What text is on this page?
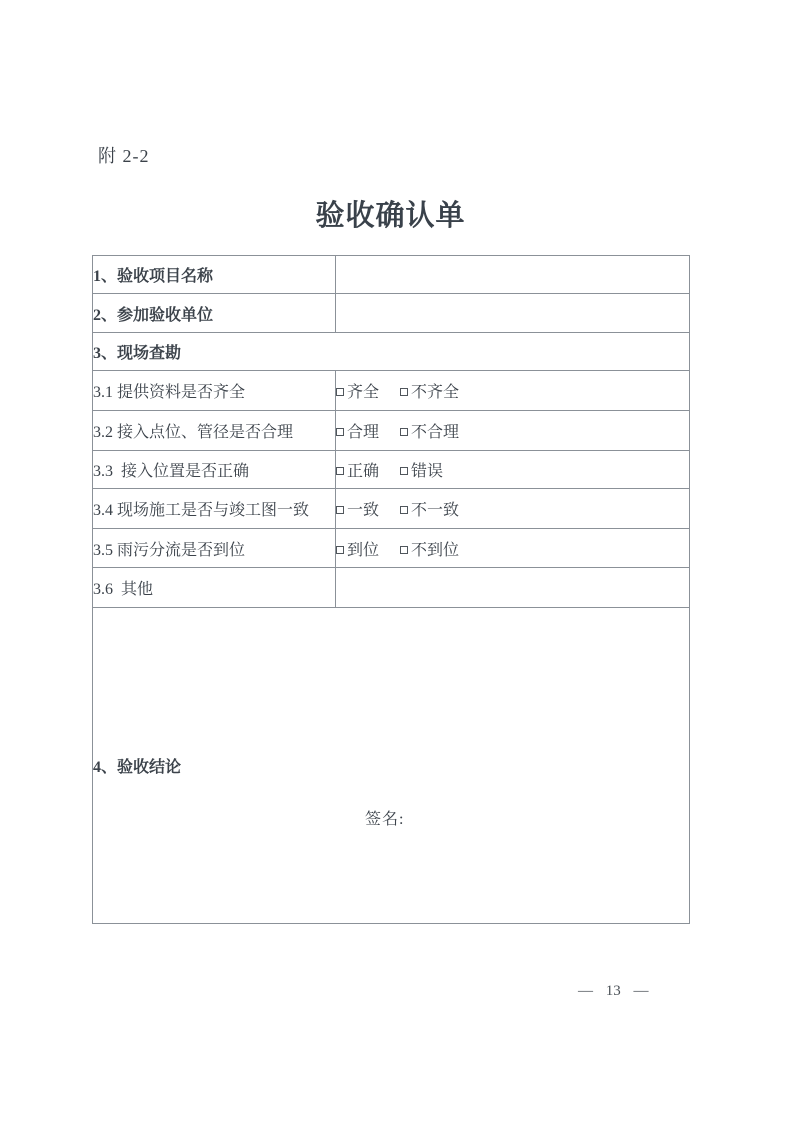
附 2-2
验收确认单
1、验收项目名称	
2、参加验收单位	
3、现场查勘	
3.1 提供资料是否齐全	齐全 不齐全
3.2 接入点位、管径是否合理	合理 不合理
3.3  接入位置是否正确	正确 错误
3.4 现场施工是否与竣工图一致	一致 不一致
3.5 雨污分流是否到位	到位 不到位
3.6  其他	
4、验收结论
签名:	
— 13 —
